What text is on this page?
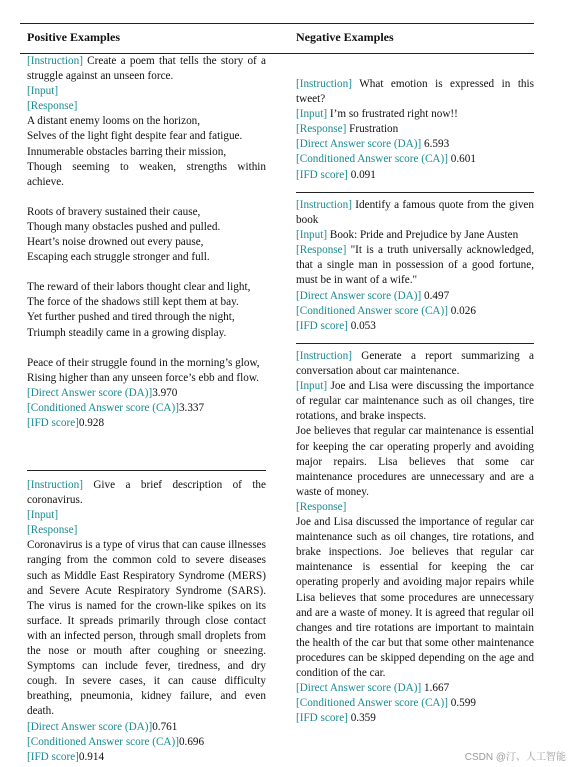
Positive Examples	Negative Examples

[Instruction] Create a poem that tells the story of a struggle against an unseen force.

[Input]

[Response]

A distant enemy looms on the horizon,

Selves of the light fight despite fear and fatigue.

Innumerable obstacles barring their mission,

Though seeming to weaken, strengths within achieve.

Roots of bravery sustained their cause,

Though many obstacles pushed and pulled.

Heart’s noise drowned out every pause,

Escaping each struggle stronger and full.

The reward of their labors thought clear and light,

The force of the shadows still kept them at bay.

Yet further pushed and tired through the night,

Triumph steadily came in a growing display.

Peace of their struggle found in the morning’s glow,

Rising higher than any unseen force’s ebb and flow.

[Direct Answer score (DA)]3.970

[Conditioned Answer score (CA)]3.337

[IFD score]0.928

[Instruction] Give a brief description of the coronavirus.

[Input]

[Response]

Coronavirus is a type of virus that can cause illnesses ranging from the common cold to severe diseases such as Middle East Respiratory Syndrome (MERS) and Severe Acute Respiratory Syndrome (SARS). The virus is named for the crown-like spikes on its surface. It spreads primarily through close contact with an infected person, through small droplets from the nose or mouth after coughing or sneezing. Symptoms can include fever, tiredness, and dry cough. In severe cases, it can cause difficulty breathing, pneumonia, kidney failure, and even death.

[Direct Answer score (DA)]0.761

[Conditioned Answer score (CA)]0.696

[IFD score]0.914

[Instruction] What emotion is expressed in this tweet?

[Input] I’m so frustrated right now!!

[Response] Frustration

[Direct Answer score (DA)] 6.593

[Conditioned Answer score (CA)] 0.601

[IFD score] 0.091

[Instruction] Identify a famous quote from the given book

[Input] Book: Pride and Prejudice by Jane Austen

[Response] "It is a truth universally acknowledged, that a single man in possession of a good fortune, must be in want of a wife."

[Direct Answer score (DA)] 0.497

[Conditioned Answer score (CA)] 0.026

[IFD score] 0.053

[Instruction] Generate a report summarizing a conversation about car maintenance.

[Input] Joe and Lisa were discussing the importance of regular car maintenance such as oil changes, tire rotations, and brake inspects.

Joe believes that regular car maintenance is essential for keeping the car operating properly and avoiding major repairs. Lisa believes that some car maintenance procedures are unnecessary and are a waste of money.

[Response]

Joe and Lisa discussed the importance of regular car maintenance such as oil changes, tire rotations, and brake inspections. Joe believes that regular car maintenance is essential for keeping the car operating properly and avoiding major repairs while Lisa believes that some procedures are unnecessary and are a waste of money. It is agreed that regular oil changes and tire rotations are important to maintain the health of the car but that some other maintenance procedures can be skipped depending on the age and condition of the car.

[Direct Answer score (DA)] 1.667

[Conditioned Answer score (CA)] 0.599

[IFD score] 0.359

CSDN @汀、人工智能
